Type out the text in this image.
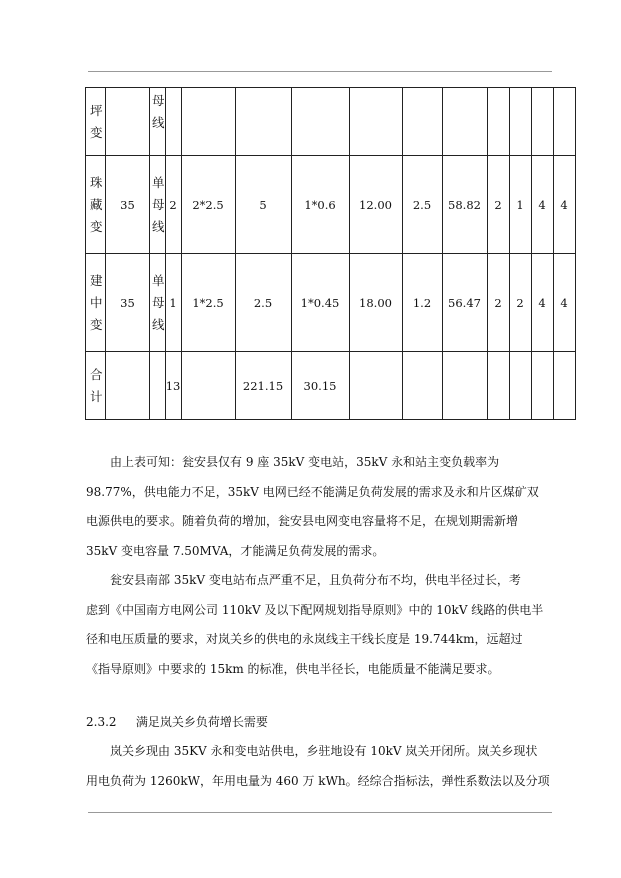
坪变		母线											
珠藏变	35	单母线	2	2*2.5	5	1*0.6	12.00	2.5	58.82	2	1	4	4
建中变	35	单母线	1	1*2.5	2.5	1*0.45	18.00	1.2	56.47	2	2	4	4
合计			13		221.15	30.15							

由上表可知：瓮安县仅有 9 座 35kV 变电站，35kV 永和站主变负载率为

98.77%，供电能力不足，35kV 电网已经不能满足负荷发展的需求及永和片区煤矿双

电源供电的要求。随着负荷的增加，瓮安县电网变电容量将不足，在规划期需新增

35kV 变电容量 7.50MVA，才能满足负荷发展的需求。

瓮安县南部 35kV 变电站布点严重不足，且负荷分布不均，供电半径过长，考

虑到《中国南方电网公司 110kV 及以下配网规划指导原则》中的 10kV 线路的供电半

径和电压质量的要求，对岚关乡的供电的永岚线主干线长度是 19.744km，远超过

《指导原则》中要求的 15km 的标准，供电半径长，电能质量不能满足要求。

2.3.2 满足岚关乡负荷增长需要

岚关乡现由 35KV 永和变电站供电，乡驻地设有 10kV 岚关开闭所。岚关乡现状

用电负荷为 1260kW，年用电量为 460 万 kWh。经综合指标法，弹性系数法以及分项
